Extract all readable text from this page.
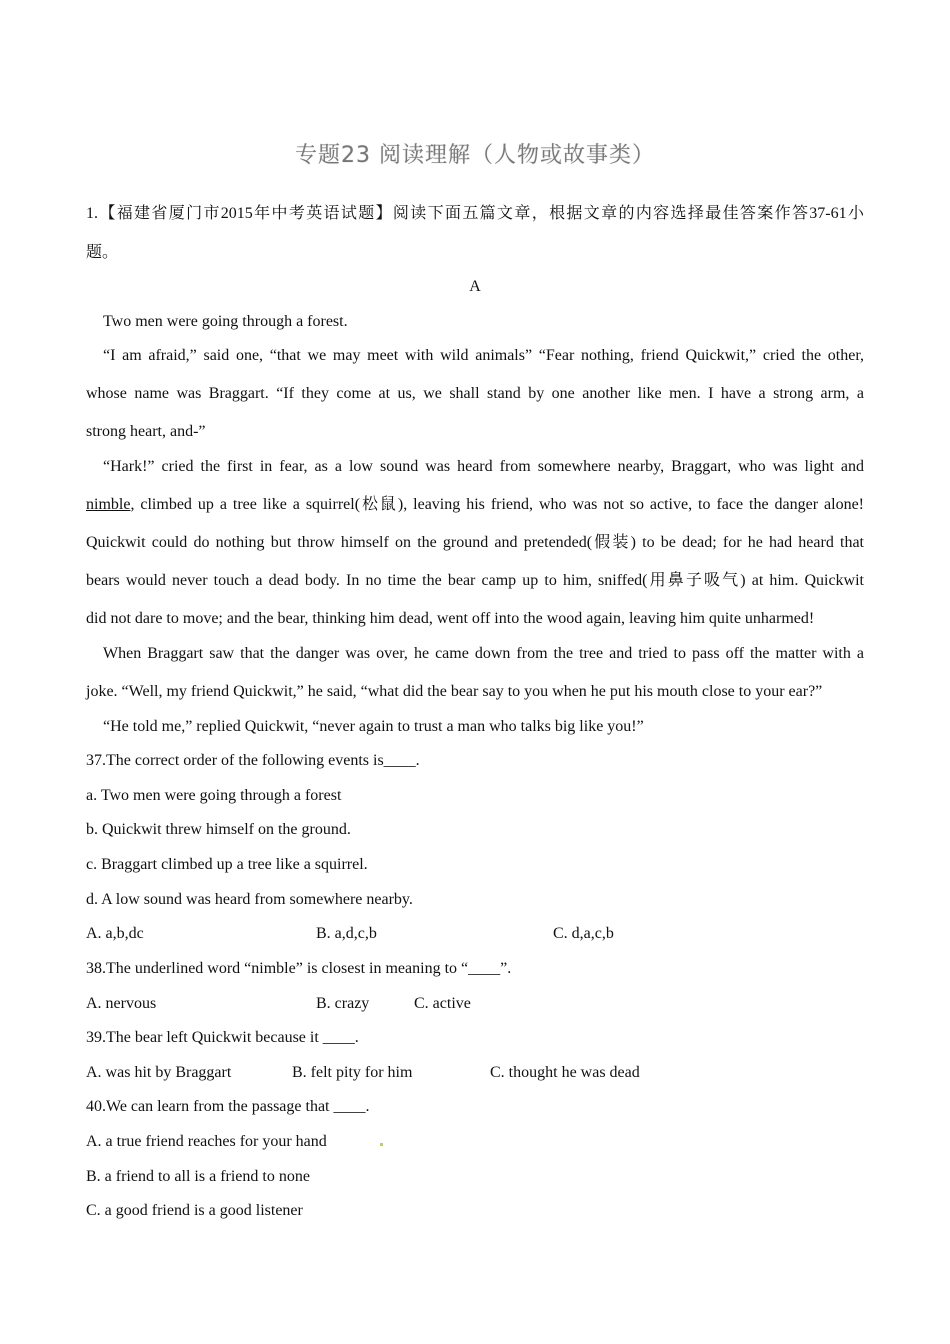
专题23 阅读理解（人物或故事类）
1.【福建省厦门市2015年中考英语试题】阅读下面五篇文章，根据文章的内容选择最佳答案作答37-61小
题。
A
Two men were going through a forest.
“I am afraid,” said one, “that we may meet with wild animals” “Fear nothing, friend Quickwit,” cried the other,
whose name was Braggart. “If they come at us, we shall stand by one another like men. I have a strong arm, a
strong heart, and-”
“Hark!” cried the first in fear, as a low sound was heard from somewhere nearby, Braggart, who was light and
nimble, climbed up a tree like a squirrel(松鼠), leaving his friend, who was not so active, to face the danger alone!
Quickwit could do nothing but throw himself on the ground and pretended(假装) to be dead; for he had heard that
bears would never touch a dead body. In no time the bear camp up to him, sniffed(用鼻子吸气) at him. Quickwit
did not dare to move; and the bear, thinking him dead, went off into the wood again, leaving him quite unharmed!
When Braggart saw that the danger was over, he came down from the tree and tried to pass off the matter with a
joke. “Well, my friend Quickwit,” he said, “what did the bear say to you when he put his mouth close to your ear?”
“He told me,” replied Quickwit, “never again to trust a man who talks big like you!”
37.The correct order of the following events is____.
a. Two men were going through a forest
b. Quickwit threw himself on the ground.
c. Braggart climbed up a tree like a squirrel.
d. A low sound was heard from somewhere nearby.
A. a,b,dc	B. a,d,c,b	C. d,a,c,b
38.The underlined word “nimble” is closest in meaning to “____”.
A. nervous	B. crazy	C. active
39.The bear left Quickwit because it ____.
A. was hit by Braggart	B. felt pity for him	C. thought he was dead
40.We can learn from the passage that ____.
A. a true friend reaches for your hand
B. a friend to all is a friend to none
C. a good friend is a good listener
